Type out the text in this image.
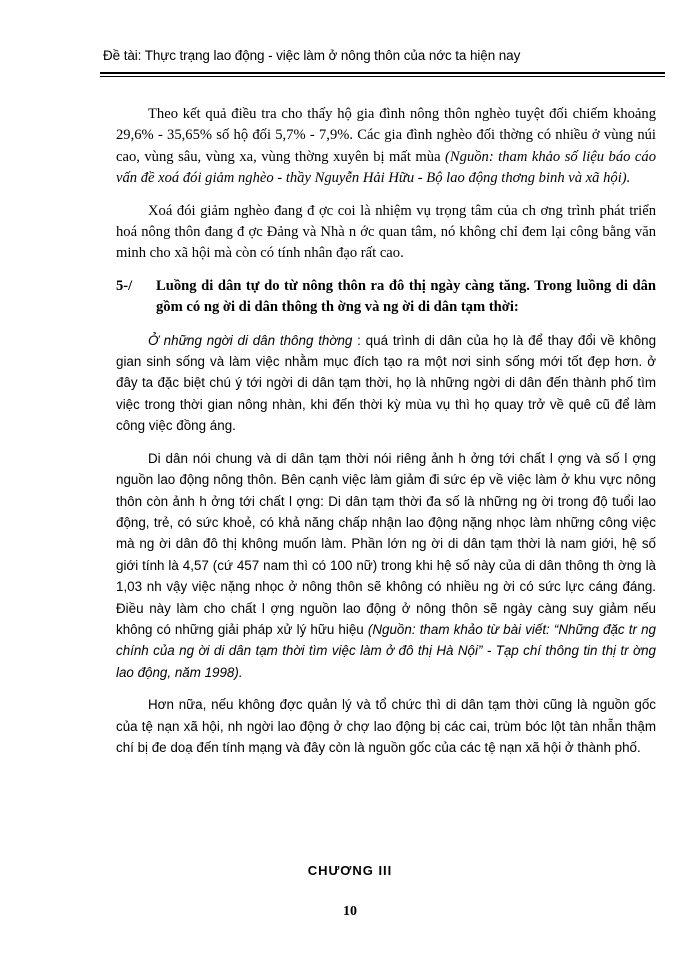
Đề tài: Thực trạng lao động - việc làm ở nông thôn của nớc ta hiện nay

Theo kết quả điều tra cho thấy hộ gia đình nông thôn nghèo tuyệt đối chiếm khoảng 29,6% - 35,65% số hộ đối 5,7% - 7,9%. Các gia đình nghèo đối thờng có nhiều ở vùng núi cao, vùng sâu, vùng xa, vùng thờng xuyên bị mất mùa (Nguồn: tham khảo số liệu báo cáo vấn đề xoá đói giảm nghèo - thầy Nguyễn Hải Hữu - Bộ lao động thơng binh và xã hội).

Xoá đói giảm nghèo đang đ ợc coi là nhiệm vụ trọng tâm của ch ơng trình phát triển hoá nông thôn đang đ ợc Đảng và Nhà n ớc quan tâm, nó không chỉ đem lại công bằng văn minh cho xã hội mà còn có tính nhân đạo rất cao.

5-/	Luồng di dân tự do từ nông thôn ra đô thị ngày càng tăng. Trong luồng di dân gồm có ng ời di dân thông th ờng và ng ời di dân tạm thời:

Ở những ngời di dân thông thờng : quá trình di dân của họ là để thay đổi về không gian sinh sống và làm việc nhằm mục đích tạo ra một nơi sinh sống mới tốt đẹp hơn. ở đây ta đặc biệt chú ý tới ngời di dân tạm thời, họ là những ngời di dân đến thành phố tìm việc trong thời gian nông nhàn, khi đến thời kỳ mùa vụ thì họ quay trở về quê cũ để làm công việc đồng áng.

Di dân nói chung và di dân tạm thời nói riêng ảnh h ởng tới chất l ợng và số l ợng nguồn lao động nông thôn. Bên cạnh việc làm giảm đi sức ép về việc làm ở khu vực nông thôn còn ảnh h ởng tới chất l ợng: Di dân tạm thời đa số là những ng ời trong độ tuổi lao động, trẻ, có sức khoẻ, có khả năng chấp nhận lao động nặng nhọc làm những công việc mà ng ời dân đô thị không muốn làm. Phần lớn ng ời di dân tạm thời là nam giới, hệ số giới tính là 4,57 (cứ 457 nam thì có 100 nữ) trong khi hệ số này của di dân thông th ờng là 1,03 nh vậy việc nặng nhọc ở nông thôn sẽ không có nhiều ng ời có sức lực cáng đáng. Điều này làm cho chất l ợng nguồn lao động ở nông thôn sẽ ngày càng suy giảm nếu không có những giải pháp xử lý hữu hiệu (Nguồn: tham khảo từ bài viết: “Những đặc tr ng chính của ng ời di dân tạm thời tìm việc làm ở đô thị Hà Nội” - Tạp chí thông tin thị tr ờng lao động, năm 1998).

Hơn nữa, nếu không đợc quản lý và tổ chức thì di dân tạm thời cũng là nguồn gốc của tệ nạn xã hội, nh ngời lao động ở chợ lao động bị các cai, trùm bóc lột tàn nhẫn thậm chí bị đe doạ đến tính mạng và đây còn là nguồn gốc của các tệ nạn xã hội ở thành phố.

CHƯƠNG III
10
